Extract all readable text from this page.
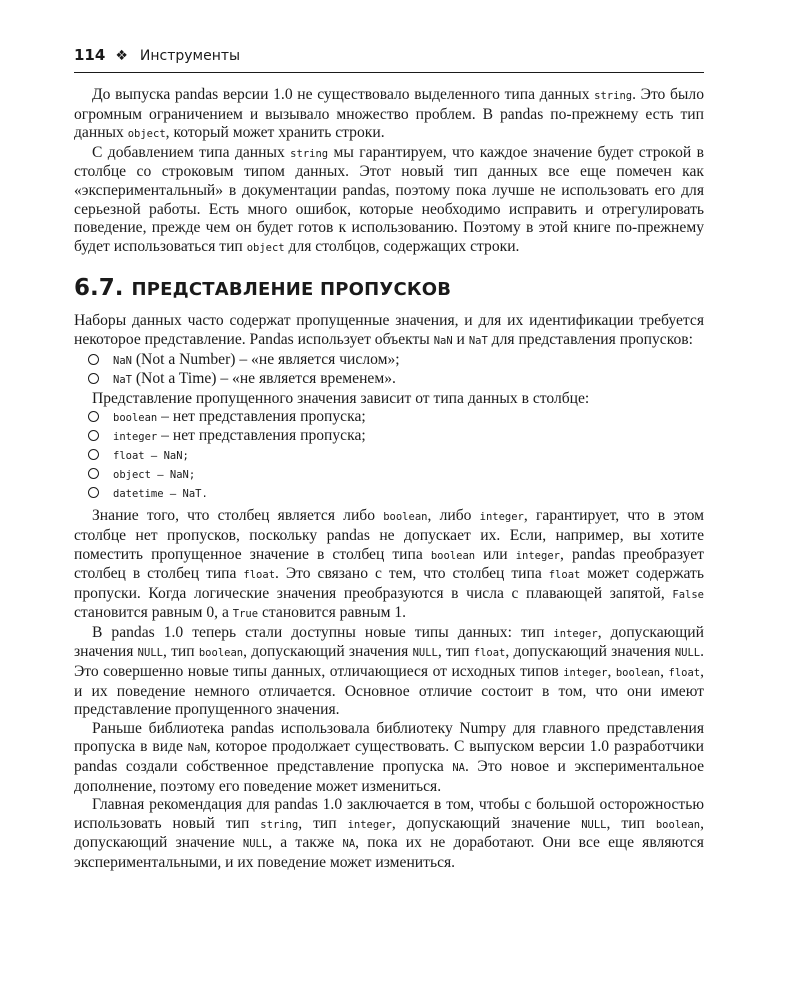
114 ❖ Инструменты

До выпуска pandas версии 1.0 не существовало выделенного типа данных string. Это было огромным ограничением и вызывало множество проблем. В pandas по-прежнему есть тип данных object, который может хранить строки.

С добавлением типа данных string мы гарантируем, что каждое значение будет строкой в столбце со строковым типом данных. Этот новый тип данных все еще помечен как «экспериментальный» в документации pandas, поэтому пока лучше не использовать его для серьезной работы. Есть много ошибок, которые необходимо исправить и отрегулировать поведение, прежде чем он будет готов к использованию. Поэтому в этой книге по-прежнему будет использоваться тип object для столбцов, содержащих строки.

6.7. ПРЕДСТАВЛЕНИЕ ПРОПУСКОВ

Наборы данных часто содержат пропущенные значения, и для их идентификации требуется некоторое представление. Pandas использует объекты NaN и NaT для представления пропусков:

NaN (Not a Number) – «не является числом»;
NaT (Not a Time) – «не является временем».

Представление пропущенного значения зависит от типа данных в столбце:

boolean – нет представления пропуска;
integer – нет представления пропуска;
float – NaN;
object – NaN;
datetime – NaT.

Знание того, что столбец является либо boolean, либо integer, гарантирует, что в этом столбце нет пропусков, поскольку pandas не допускает их. Если, например, вы хотите поместить пропущенное значение в столбец типа boolean или integer, pandas преобразует столбец в столбец типа float. Это связано с тем, что столбец типа float может содержать пропуски. Когда логические значения преобразуются в числа с плавающей запятой, False становится равным 0, а True становится равным 1.

В pandas 1.0 теперь стали доступны новые типы данных: тип integer, допускающий значения NULL, тип boolean, допускающий значения NULL, тип float, допускающий значения NULL. Это совершенно новые типы данных, отличающиеся от исходных типов integer, boolean, float, и их поведение немного отличается. Основное отличие состоит в том, что они имеют представление пропущенного значения.

Раньше библиотека pandas использовала библиотеку Numpy для главного представления пропуска в виде NaN, которое продолжает существовать. С выпуском версии 1.0 разработчики pandas создали собственное представление пропуска NA. Это новое и экспериментальное дополнение, поэтому его поведение может измениться.

Главная рекомендация для pandas 1.0 заключается в том, чтобы с большой осторожностью использовать новый тип string, тип integer, допускающий значение NULL, тип boolean, допускающий значение NULL, а также NA, пока их не доработают. Они все еще являются экспериментальными, и их поведение может измениться.
